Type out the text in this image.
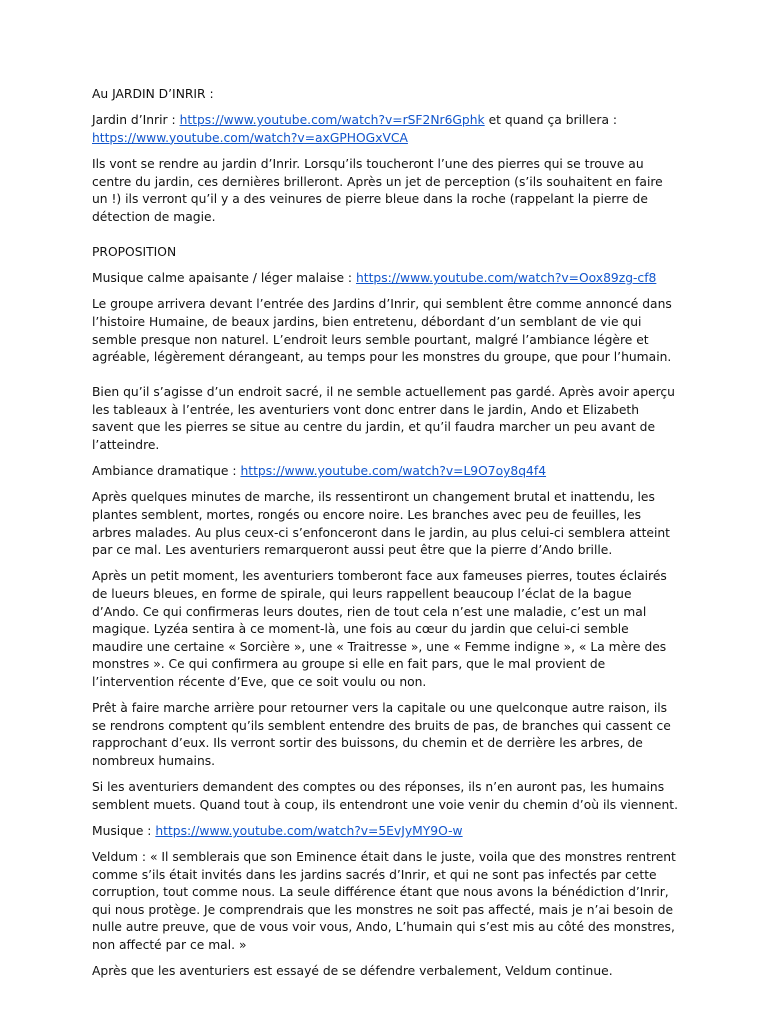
Au JARDIN D’INRIR :

Jardin d’Inrir : https://www.youtube.com/watch?v=rSF2Nr6Gphk et quand ça brillera : https://www.youtube.com/watch?v=axGPHOGxVCA

Ils vont se rendre au jardin d’Inrir. Lorsqu’ils toucheront l’une des pierres qui se trouve au centre du jardin, ces dernières brilleront. Après un jet de perception (s’ils souhaitent en faire un !) ils verront qu’il y a des veinures de pierre bleue dans la roche (rappelant la pierre de détection de magie.

PROPOSITION

Musique calme apaisante / léger malaise : https://www.youtube.com/watch?v=Oox89zg-cf8

Le groupe arrivera devant l’entrée des Jardins d’Inrir, qui semblent être comme annoncé dans l’histoire Humaine, de beaux jardins, bien entretenu, débordant d’un semblant de vie qui semble presque non naturel. L’endroit leurs semble pourtant, malgré l’ambiance légère et agréable, légèrement dérangeant, au temps pour les monstres du groupe, que pour l’humain.

Bien qu’il s’agisse d’un endroit sacré, il ne semble actuellement pas gardé. Après avoir aperçu les tableaux à l’entrée, les aventuriers vont donc entrer dans le jardin, Ando et Elizabeth savent que les pierres se situe au centre du jardin, et qu’il faudra marcher un peu avant de l’atteindre.

Ambiance dramatique : https://www.youtube.com/watch?v=L9O7oy8q4f4

Après quelques minutes de marche, ils ressentiront un changement brutal et inattendu, les plantes semblent, mortes, rongés ou encore noire. Les branches avec peu de feuilles, les arbres malades. Au plus ceux-ci s’enfonceront dans le jardin, au plus celui-ci semblera atteint par ce mal. Les aventuriers remarqueront aussi peut être que la pierre d’Ando brille.

Après un petit moment, les aventuriers tomberont face aux fameuses pierres, toutes éclairés de lueurs bleues, en forme de spirale, qui leurs rappellent beaucoup l’éclat de la bague d’Ando. Ce qui confirmeras leurs doutes, rien de tout cela n’est une maladie, c’est un mal magique. Lyzéa sentira à ce moment-là, une fois au cœur du jardin que celui-ci semble maudire une certaine « Sorcière », une « Traitresse », une « Femme indigne », « La mère des monstres ». Ce qui confirmera au groupe si elle en fait pars, que le mal provient de l’intervention récente d’Eve, que ce soit voulu ou non.

Prêt à faire marche arrière pour retourner vers la capitale ou une quelconque autre raison, ils se rendrons comptent qu’ils semblent entendre des bruits de pas, de branches qui cassent ce rapprochant d’eux. Ils verront sortir des buissons, du chemin et de derrière les arbres, de nombreux humains.

Si les aventuriers demandent des comptes ou des réponses, ils n’en auront pas, les humains semblent muets. Quand tout à coup, ils entendront une voie venir du chemin d’où ils viennent.

Musique : https://www.youtube.com/watch?v=5EvJyMY9O-w

Veldum : « Il semblerais que son Eminence était dans le juste, voila que des monstres rentrent comme s’ils était invités dans les jardins sacrés d’Inrir, et qui ne sont pas infectés par cette corruption, tout comme nous. La seule différence étant que nous avons la bénédiction d’Inrir, qui nous protège. Je comprendrais que les monstres ne soit pas affecté, mais je n’ai besoin de nulle autre preuve, que de vous voir vous, Ando, L’humain qui s’est mis au côté des monstres, non affecté par ce mal. »

Après que les aventuriers est essayé de se défendre verbalement, Veldum continue.
